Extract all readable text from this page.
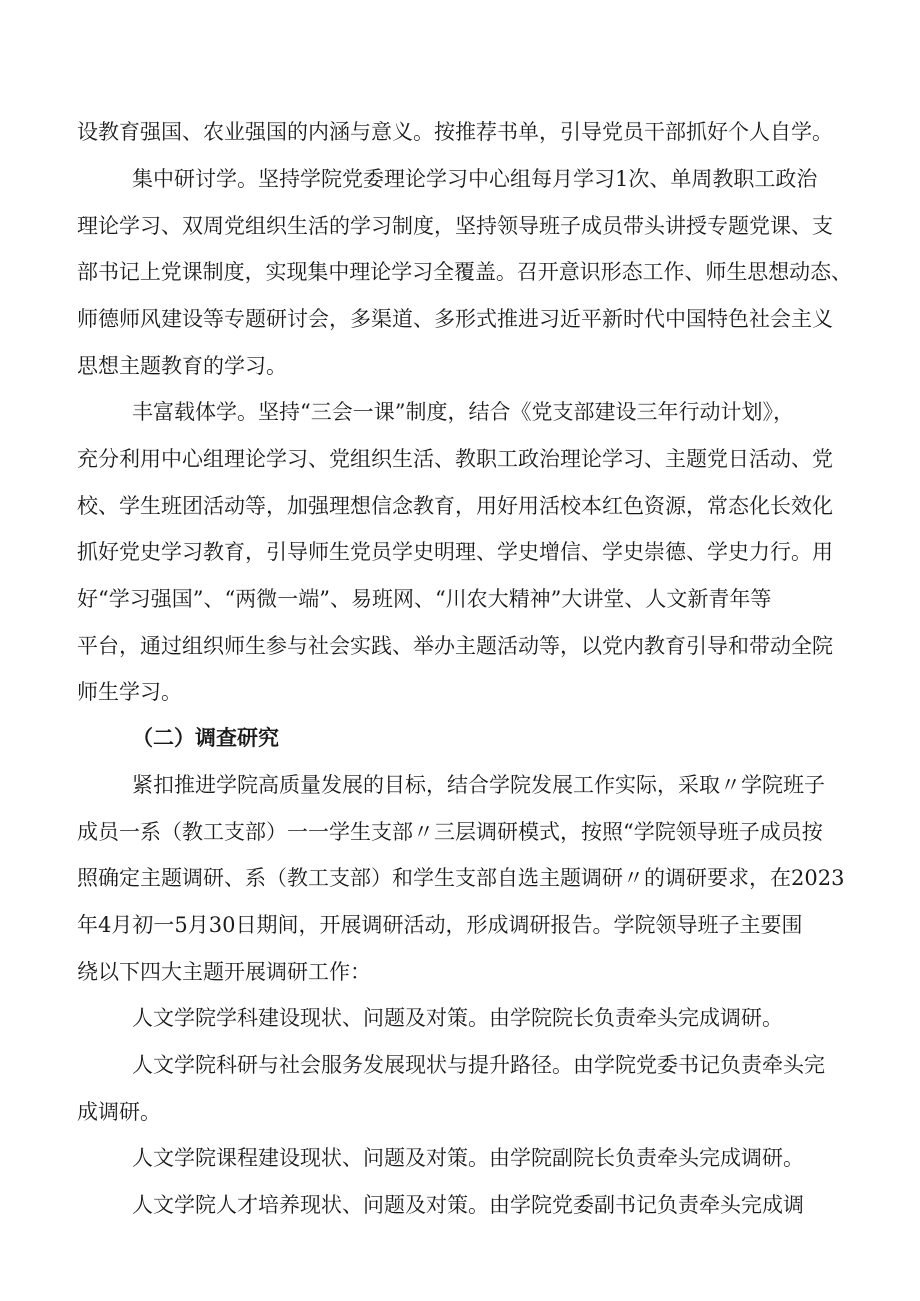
设教育强国、农业强国的内涵与意义。按推荐书单，引导党员干部抓好个人自学。
集中研讨学。坚持学院党委理论学习中心组每月学习1次、单周教职工政治
理论学习、双周党组织生活的学习制度，坚持领导班子成员带头讲授专题党课、支
部书记上党课制度，实现集中理论学习全覆盖。召开意识形态工作、师生思想动态、
师德师风建设等专题研讨会，多渠道、多形式推进习近平新时代中国特色社会主义
思想主题教育的学习。
丰富载体学。坚持“三会一课”制度，结合《党支部建设三年行动计划》，
充分利用中心组理论学习、党组织生活、教职工政治理论学习、主题党日活动、党
校、学生班团活动等，加强理想信念教育，用好用活校本红色资源，常态化长效化
抓好党史学习教育，引导师生党员学史明理、学史增信、学史崇德、学史力行。用
好“学习强国”、“两微一端”、易班网、“川农大精神”大讲堂、人文新青年等
平台，通过组织师生参与社会实践、举办主题活动等，以党内教育引导和带动全院
师生学习。
（二）调查研究
紧扣推进学院高质量发展的目标，结合学院发展工作实际，采取〃学院班子
成员一系（教工支部）一一学生支部〃三层调研模式，按照“学院领导班子成员按
照确定主题调研、系（教工支部）和学生支部自选主题调研〃的调研要求，在2023
年4月初一5月30日期间，开展调研活动，形成调研报告。学院领导班子主要围
绕以下四大主题开展调研工作：
人文学院学科建设现状、问题及对策。由学院院长负责牵头完成调研。
人文学院科研与社会服务发展现状与提升路径。由学院党委书记负责牵头完
成调研。
人文学院课程建设现状、问题及对策。由学院副院长负责牵头完成调研。
人文学院人才培养现状、问题及对策。由学院党委副书记负责牵头完成调
